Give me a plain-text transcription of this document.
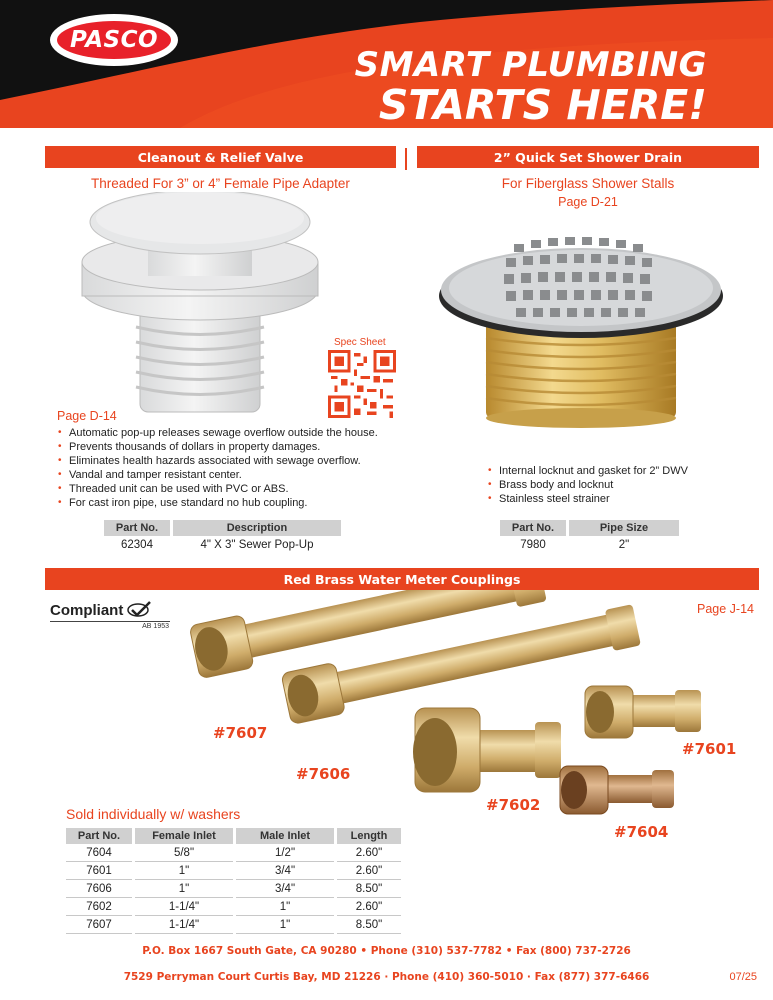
PASCO
SMART PLUMBING
STARTS HERE!
Cleanout & Relief Valve
Threaded For 3” or 4” Female Pipe Adapter
Spec Sheet
Page D-14
• Automatic pop-up releases sewage overflow outside the house.
• Prevents thousands of dollars in property damages.
• Eliminates health hazards associated with sewage overflow.
• Vandal and tamper resistant center.
• Threaded unit can be used with PVC or ABS.
• For cast iron pipe, use standard no hub coupling.
Part No.	Description
62304	4" X 3" Sewer Pop-Up
2” Quick Set Shower Drain
For Fiberglass Shower Stalls
Page D-21
• Internal locknut and gasket for 2” DWV
• Brass body and locknut
• Stainless steel strainer
Part No.	Pipe Size
7980	2"
Red Brass Water Meter Couplings
Compliant
AB 1953
Page J-14
#7607
#7606
#7602
#7601
#7604
Sold individually w/ washers
Part No.	Female Inlet	Male Inlet	Length
7604	5/8"	1/2"	2.60"
7601	1"	3/4"	2.60"
7606	1"	3/4"	8.50"
7602	1-1/4"	1"	2.60"
7607	1-1/4"	1"	8.50"
P.O. Box 1667 South Gate, CA 90280 • Phone (310) 537-7782 • Fax (800) 737-2726
7529 Perryman Court Curtis Bay, MD 21226 · Phone (410) 360-5010 · Fax (877) 377-6466	07/25
